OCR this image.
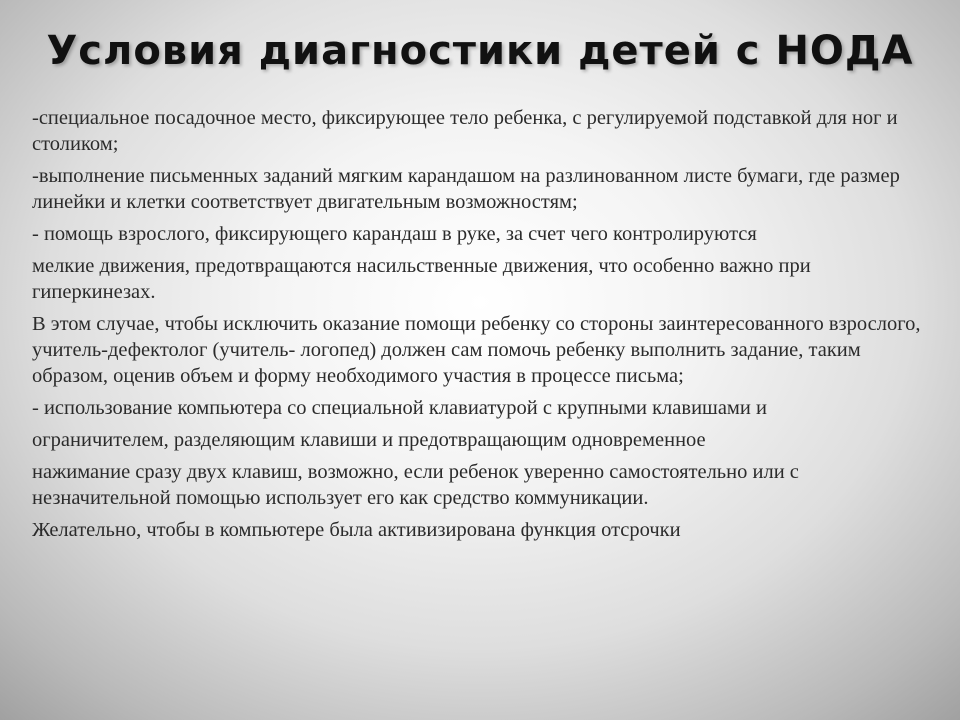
Условия диагностики детей с НОДА

-специальное посадочное место, фиксирующее тело ребенка, с регулируемой подставкой для ног и столиком;

-выполнение письменных заданий мягким карандашом на разлинованном листе бумаги, где размер линейки и клетки соответствует двигательным возможностям;

- помощь взрослого, фиксирующего карандаш в руке, за счет чего контролируются

мелкие движения, предотвращаются насильственные движения, что особенно важно при гиперкинезах.

В этом случае, чтобы исключить оказание помощи ребенку со стороны заинтересованного взрослого, учитель-дефектолог (учитель- логопед) должен сам помочь ребенку выполнить задание, таким образом, оценив объем и форму необходимого участия в процессе письма;

- использование компьютера со специальной клавиатурой с крупными клавишами и

ограничителем, разделяющим клавиши и предотвращающим одновременное

нажимание сразу двух клавиш, возможно, если ребенок уверенно самостоятельно или с незначительной помощью использует его как средство коммуникации.

Желательно, чтобы в компьютере была активизирована функция отсрочки
